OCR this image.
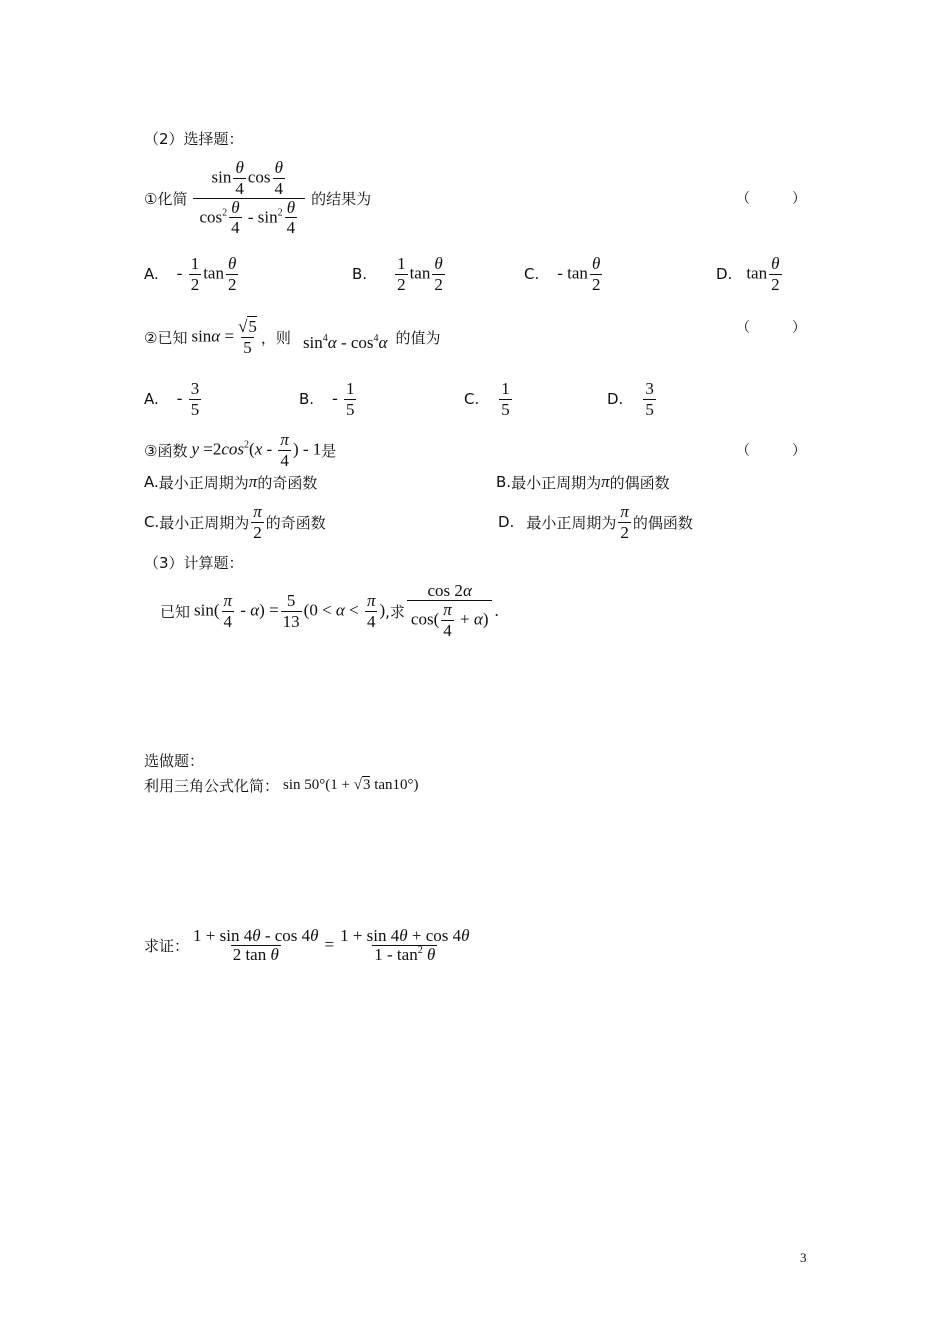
（2）选择题：
①化简 $\frac{\sin \frac{\theta}{4} \cos \frac{\theta}{4}}{\cos^2 \frac{\theta}{4} - \sin^2 \frac{\theta}{4}}$ 的结果为	（　　　）
A. - $\frac{1}{2}$ $\tan \frac{\theta}{2}$	B. $\frac{1}{2}$ $\tan \frac{\theta}{2}$	C. - $\tan \frac{\theta}{2}$	D. $\tan \frac{\theta}{2}$
②已知 $\sin\alpha = \frac{√5}{5}$ ，则 $\sin^4\alpha - \cos^4\alpha$ 的值为
（　　　）
A. - $\frac{3}{5}$	B. - $\frac{1}{5}$	C. $\frac{1}{5}$	D. $\frac{3}{5}$
③函数 $y =2\cos^2(x - \frac{\pi}{4}$ ) - 1 是	（　　　）
A. 最小正周期为 π 的奇函数	B. 最小正周期为 π 的偶函数
C. 最小正周期为 $\frac{\pi}{2}$ 的奇函数	D. 最小正周期为 $\frac{\pi}{2}$ 的偶函数
（3）计算题：
已知 $\sin( \frac{\pi}{4} - \alpha) = \frac{5}{13} (0 < \alpha < \frac{\pi}{4}$ ) ,求 $\frac{\cos 2\alpha}{\cos( \frac{\pi}{4} + \alpha)}$ .
选做题：
利用三角公式化简： sin 50°(1 + √3 tan10°)
求证： $\frac{1 + \sin 4\theta - \cos 4\theta}{\text{2 tan θ}} = \frac{1 + \sin 4\theta + \cos 4\theta}{1 - \tan^2 \theta}$
3
